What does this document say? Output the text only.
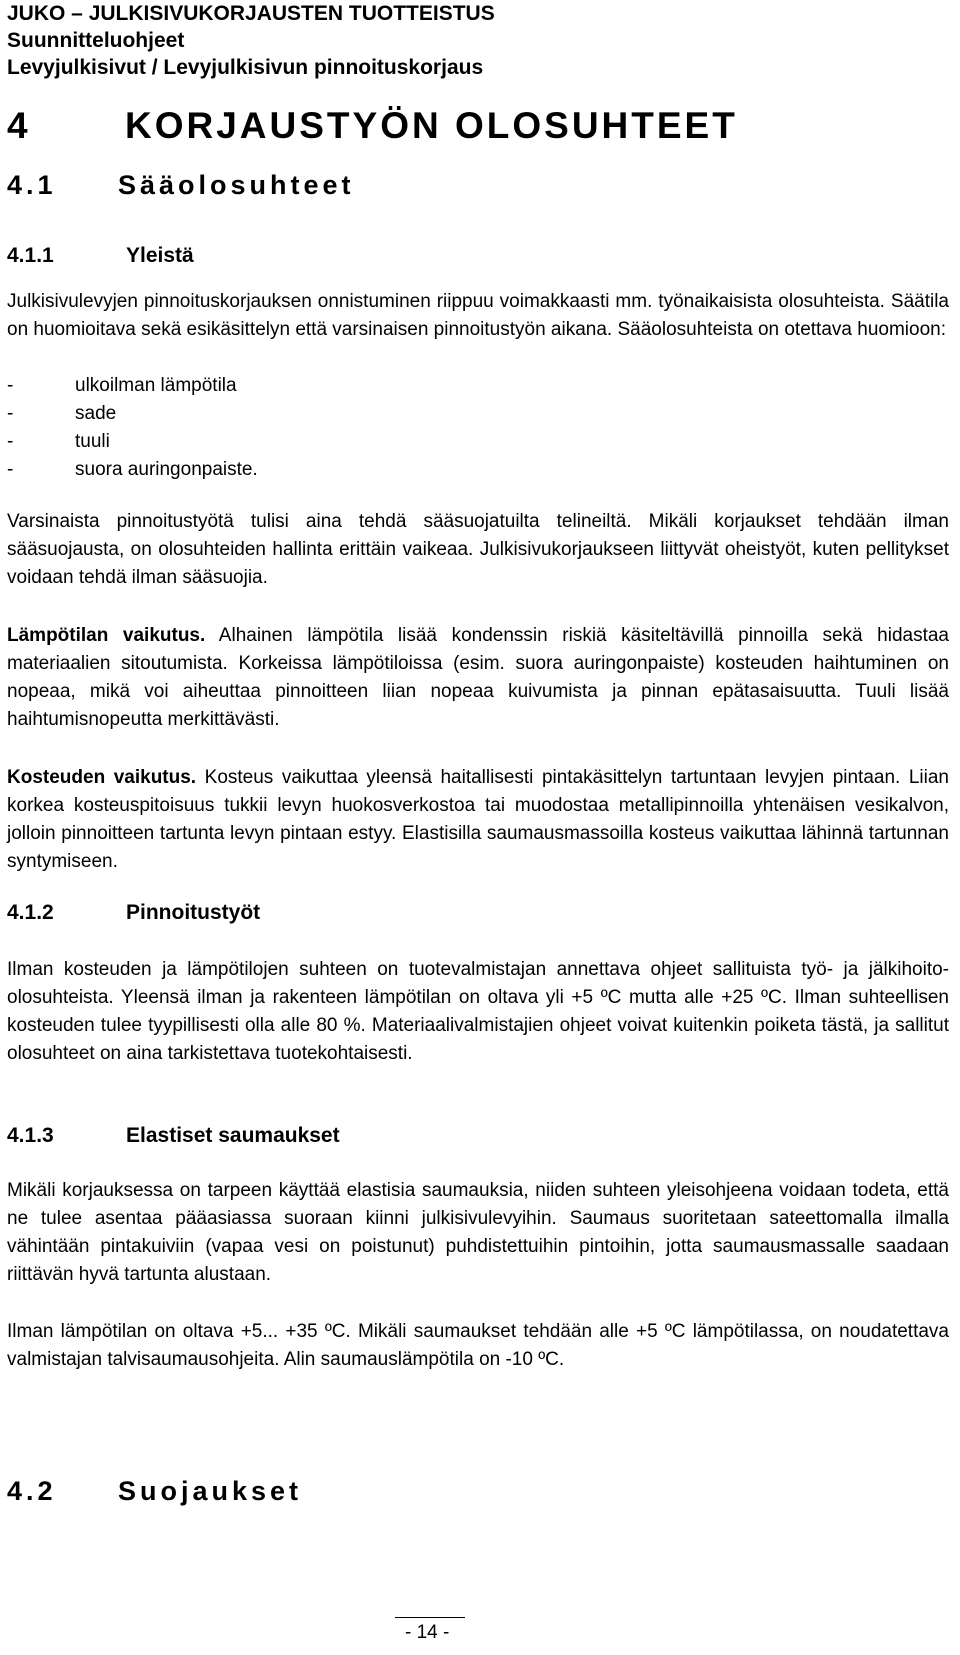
JUKO – JULKISIVUKORJAUSTEN TUOTTEISTUS
Suunnitteluohjeet
Levyjulkisivut / Levyjulkisivun pinnoituskorjaus
4	KORJAUSTYÖN OLOSUHTEET
4.1 Sääolosuhteet
4.1.1	Yleistä
Julkisivulevyjen pinnoituskorjauksen onnistuminen riippuu voimakkaasti mm. työnaikaisista olosuhteista. Säätila on huomioitava sekä esikäsittelyn että varsinaisen pinnoitustyön aikana. Sääolosuhteista on otettava huomioon:
-	ulkoilman lämpötila
-	sade
-	tuuli
-	suora auringonpaiste.
Varsinaista pinnoitustyötä tulisi aina tehdä sääsuojatuilta telineiltä. Mikäli korjaukset tehdään ilman sääsuojausta, on olosuhteiden hallinta erittäin vaikeaa. Julkisivukorjaukseen liittyvät oheistyöt, kuten pellitykset voidaan tehdä ilman sääsuojia.
Lämpötilan vaikutus. Alhainen lämpötila lisää kondenssin riskiä käsiteltävillä pinnoilla sekä hidastaa materiaalien sitoutumista. Korkeissa lämpötiloissa (esim. suora auringonpaiste) kosteuden haihtuminen on nopeaa, mikä voi aiheuttaa pinnoitteen liian nopeaa kuivumista ja pinnan epätasaisuutta. Tuuli lisää haihtumisnopeutta merkittävästi.
Kosteuden vaikutus. Kosteus vaikuttaa yleensä haitallisesti pintakäsittelyn tartuntaan levyjen pintaan. Liian korkea kosteuspitoisuus tukkii levyn huokosverkostoa tai muodostaa metallipinnoilla yhtenäisen vesikalvon, jolloin pinnoitteen tartunta levyn pintaan estyy. Elastisilla saumausmassoilla kosteus vaikuttaa lähinnä tartunnan syntymiseen.
4.1.2	Pinnoitustyöt
Ilman kosteuden ja lämpötilojen suhteen on tuotevalmistajan annettava ohjeet sallituista työ- ja jälkihoito-olosuhteista. Yleensä ilman ja rakenteen lämpötilan on oltava yli +5 ºC mutta alle +25 ºC. Ilman suhteellisen kosteuden tulee tyypillisesti olla alle 80 %. Materiaalivalmistajien ohjeet voivat kuitenkin poiketa tästä, ja sallitut olosuhteet on aina tarkistettava tuotekohtaisesti.
4.1.3	Elastiset saumaukset
Mikäli korjauksessa on tarpeen käyttää elastisia saumauksia, niiden suhteen yleisohjeena voidaan todeta, että ne tulee asentaa pääasiassa suoraan kiinni julkisivulevyihin. Saumaus suoritetaan sateettomalla ilmalla vähintään pintakuiviin (vapaa vesi on poistunut) puhdistettuihin pintoihin, jotta saumausmassalle saadaan riittävän hyvä tartunta alustaan.
Ilman lämpötilan on oltava +5... +35 ºC. Mikäli saumaukset tehdään alle +5 ºC lämpötilassa, on noudatettava valmistajan talvisaumausohjeita. Alin saumauslämpötila on -10 ºC.
4.2 Suojaukset
- 14 -
